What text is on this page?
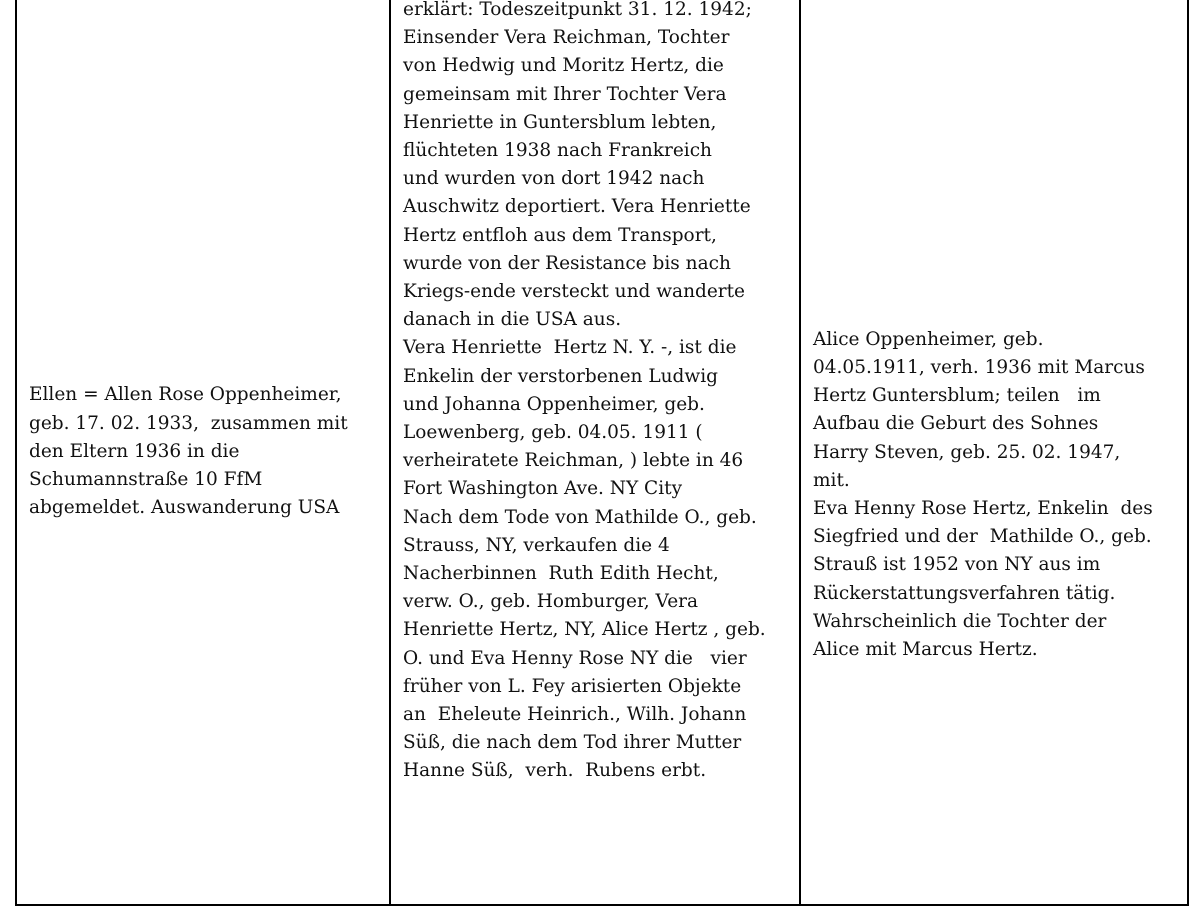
Ellen = Allen Rose Oppenheimer,
geb. 17. 02. 1933,  zusammen mit
den Eltern 1936 in die
Schumannstraße 10 FfM
abgemeldet. Auswanderung USA

erklärt: Todeszeitpunkt 31. 12. 1942;
Einsender Vera Reichman, Tochter
von Hedwig und Moritz Hertz, die
gemeinsam mit Ihrer Tochter Vera
Henriette in Guntersblum lebten,
flüchteten 1938 nach Frankreich
und wurden von dort 1942 nach
Auschwitz deportiert. Vera Henriette
Hertz entfloh aus dem Transport,
wurde von der Resistance bis nach
Kriegs-ende versteckt und wanderte
danach in die USA aus.
Vera Henriette  Hertz N. Y. -, ist die
Enkelin der verstorbenen Ludwig
und Johanna Oppenheimer, geb.
Loewenberg, geb. 04.05. 1911 (
verheiratete Reichman, ) lebte in 46
Fort Washington Ave. NY City
Nach dem Tode von Mathilde O., geb.
Strauss, NY, verkaufen die 4
Nacherbinnen  Ruth Edith Hecht,
verw. O., geb. Homburger, Vera
Henriette Hertz, NY, Alice Hertz , geb.
O. und Eva Henny Rose NY die   vier
früher von L. Fey arisierten Objekte
an  Eheleute Heinrich., Wilh. Johann
Süß, die nach dem Tod ihrer Mutter
Hanne Süß,  verh.  Rubens erbt.

Alice Oppenheimer, geb.
04.05.1911, verh. 1936 mit Marcus
Hertz Guntersblum; teilen   im
Aufbau die Geburt des Sohnes
Harry Steven, geb. 25. 02. 1947,
mit.
Eva Henny Rose Hertz, Enkelin  des
Siegfried und der  Mathilde O., geb.
Strauß ist 1952 von NY aus im
Rückerstattungsverfahren tätig.
Wahrscheinlich die Tochter der
Alice mit Marcus Hertz.
